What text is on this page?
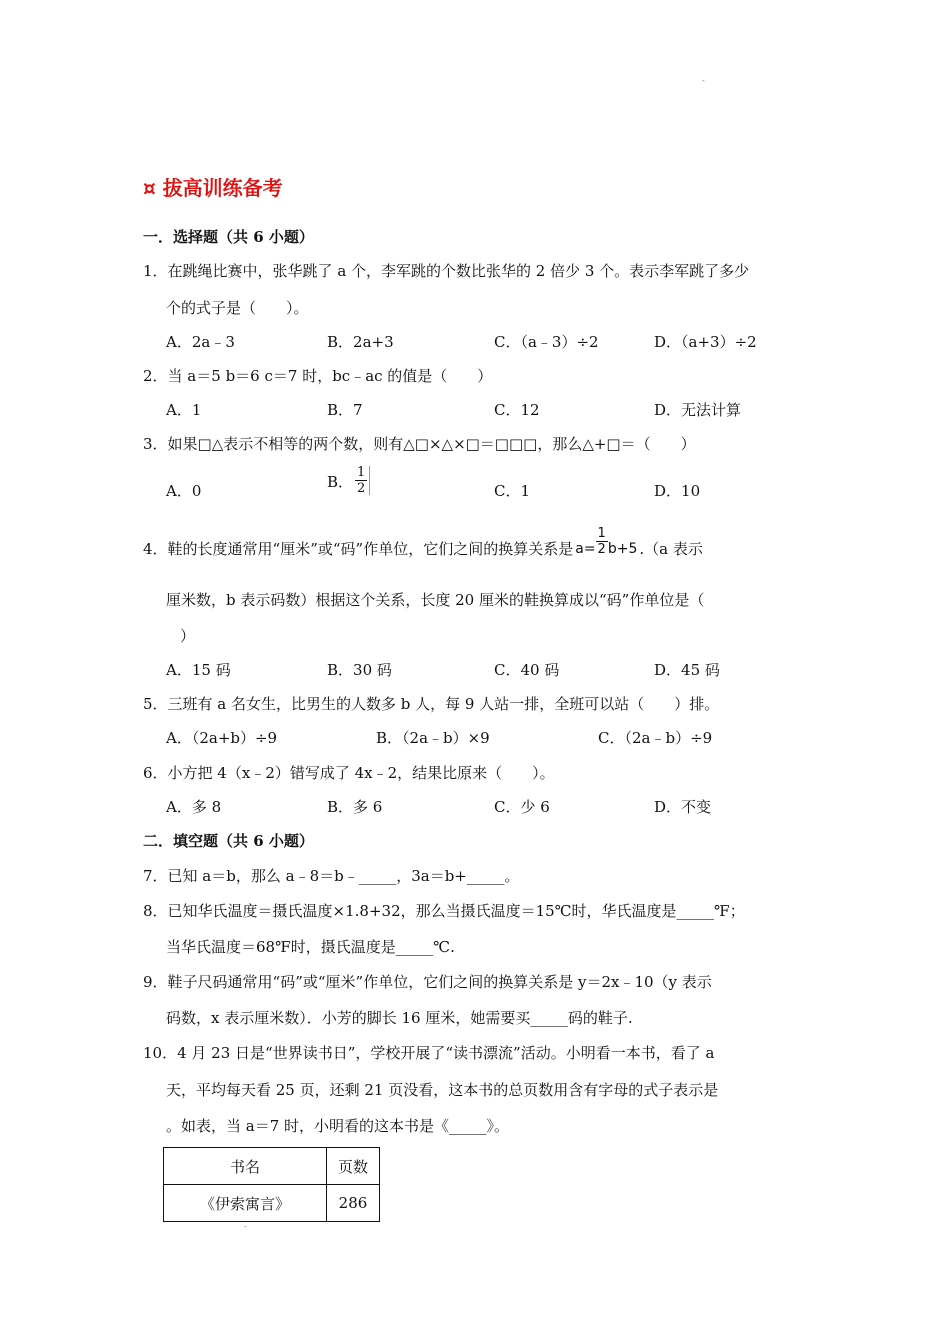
-
¤ 拔高训练备考
一．选择题（共 6 小题）
1．在跳绳比赛中，张华跳了 a 个，李军跳的个数比张华的 2 倍少 3 个。表示李军跳了多少
个的式子是（　　）。
A．2a﹣3	B．2a+3	C．（a﹣3）÷2	D．（a+3）÷2
2．当 a＝5 b＝6 c＝7 时，bc﹣ac 的值是（　　）
A．1	B．7	C．12	D．无法计算
3．如果□△表示不相等的两个数，则有△□×△×□＝□□□，那么△+□＝（　　）
A．0	B． $\frac{1}{2}$	C．1	D．10
4．鞋的长度通常用“厘米”或“码”作单位，它们之间的换算关系是 $a= \frac{1}{2} b+5$ .（a 表示
厘米数，b 表示码数）根据这个关系，长度 20 厘米的鞋换算成以“码”作单位是（
）
A．15 码	B．30 码	C．40 码	D．45 码
5．三班有 a 名女生，比男生的人数多 b 人，每 9 人站一排，全班可以站（　　）排。
A．（2a+b）÷9	B．（2a﹣b）×9	C．（2a﹣b）÷9
6．小方把 4（x﹣2）错写成了 4x﹣2，结果比原来（　　）。
A．多 8	B．多 6	C．少 6	D．不变
二．填空题（共 6 小题）
7．已知 a＝b，那么 a﹣8＝b﹣_____，3a＝b+_____。
8．已知华氏温度＝摄氏温度×1.8+32，那么当摄氏温度＝15℃时，华氏温度是_____℉；
当华氏温度＝68℉时，摄氏温度是_____℃.
9．鞋子尺码通常用“码”或“厘米”作单位，它们之间的换算关系是 y＝2x﹣10（y 表示
码数，x 表示厘米数）．小芳的脚长 16 厘米，她需要买_____码的鞋子.
10．4 月 23 日是“世界读书日”，学校开展了“读书漂流”活动。小明看一本书，看了 a
天，平均每天看 25 页，还剩 21 页没看，这本书的总页数用含有字母的式子表示是
。如表，当 a＝7 时，小明看的这本书是《_____》。
书名	页数
《伊索寓言》	286
-
